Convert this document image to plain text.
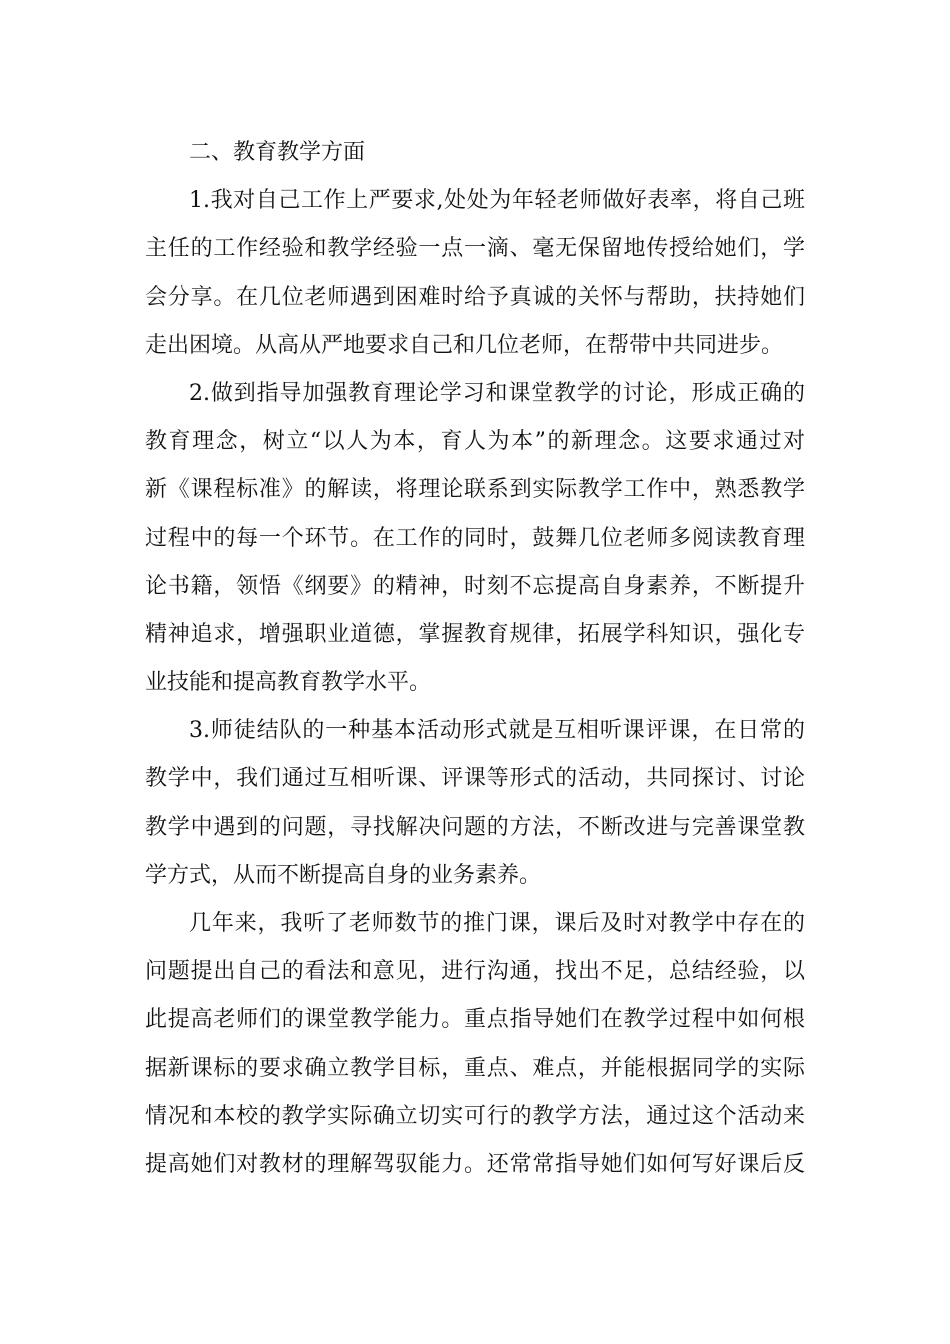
二、教育教学方面
1.我对自己工作上严要求,处处为年轻老师做好表率，将自己班
主任的工作经验和教学经验一点一滴、毫无保留地传授给她们，学
会分享。在几位老师遇到困难时给予真诚的关怀与帮助，扶持她们
走出困境。从高从严地要求自己和几位老师，在帮带中共同进步。
2.做到指导加强教育理论学习和课堂教学的讨论，形成正确的
教育理念，树立“以人为本，育人为本”的新理念。这要求通过对
新《课程标准》的解读，将理论联系到实际教学工作中，熟悉教学
过程中的每一个环节。在工作的同时，鼓舞几位老师多阅读教育理
论书籍，领悟《纲要》的精神，时刻不忘提高自身素养，不断提升
精神追求，增强职业道德，掌握教育规律，拓展学科知识，强化专
业技能和提高教育教学水平。
3.师徒结队的一种基本活动形式就是互相听课评课，在日常的
教学中，我们通过互相听课、评课等形式的活动，共同探讨、讨论
教学中遇到的问题，寻找解决问题的方法，不断改进与完善课堂教
学方式，从而不断提高自身的业务素养。
几年来，我听了老师数节的推门课，课后及时对教学中存在的
问题提出自己的看法和意见，进行沟通，找出不足，总结经验，以
此提高老师们的课堂教学能力。重点指导她们在教学过程中如何根
据新课标的要求确立教学目标，重点、难点，并能根据同学的实际
情况和本校的教学实际确立切实可行的教学方法，通过这个活动来
提高她们对教材的理解驾驭能力。还常常指导她们如何写好课后反
